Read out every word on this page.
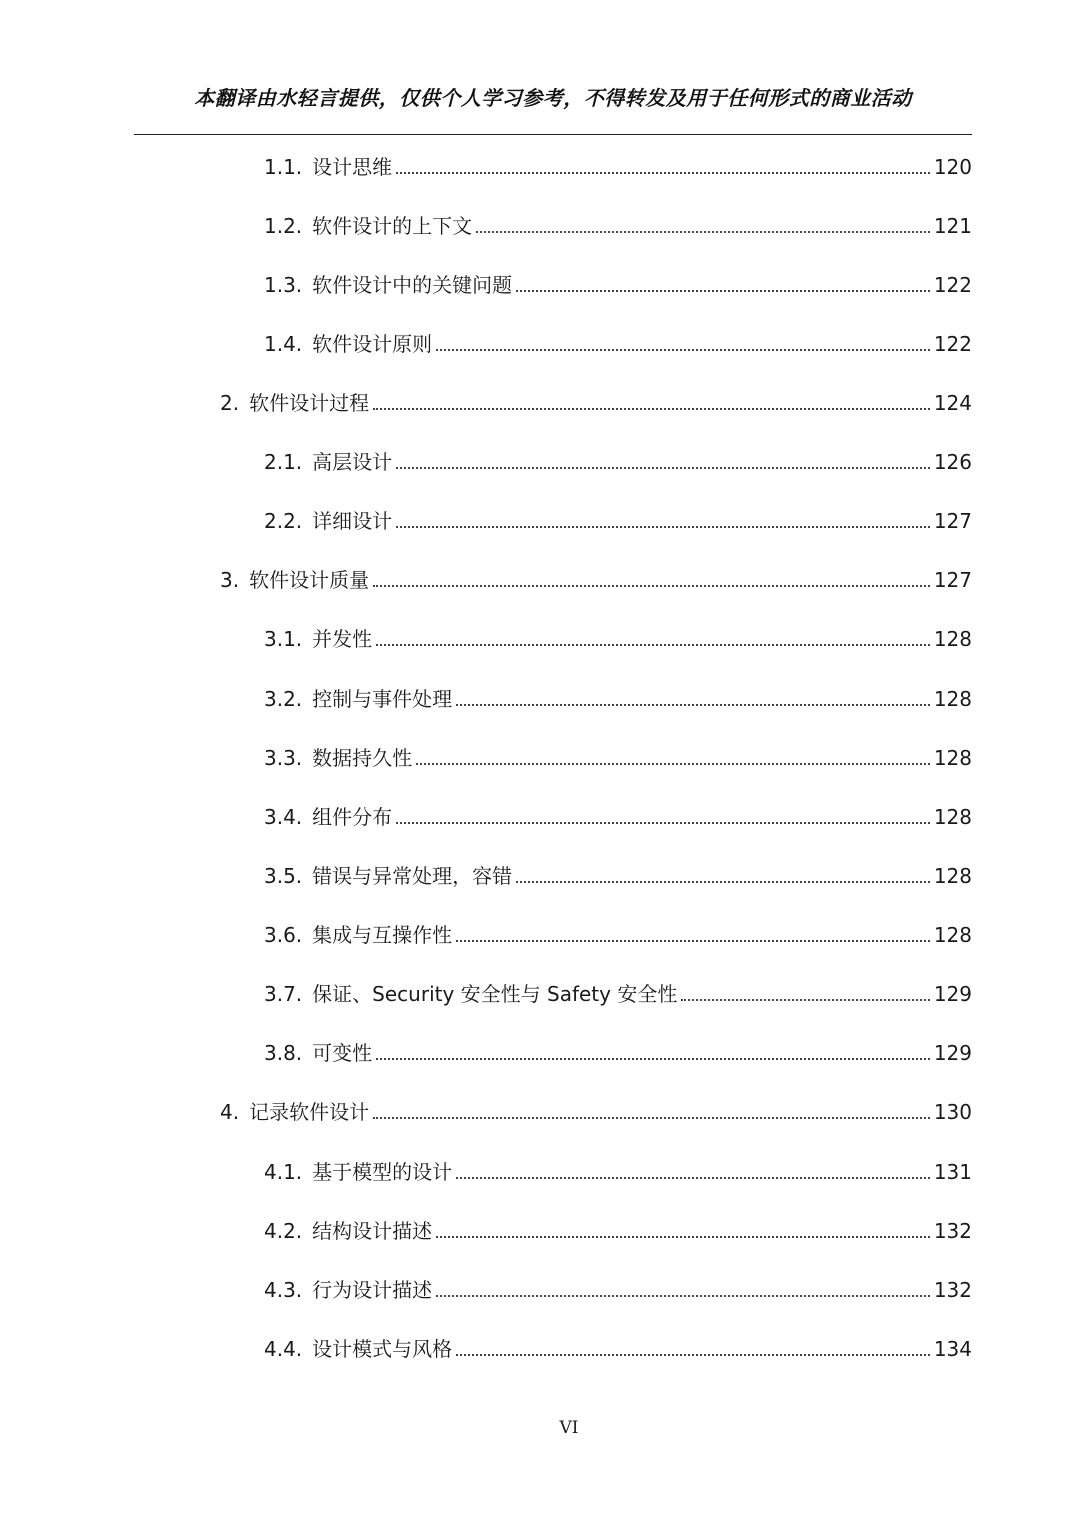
本翻译由水轻言提供，仅供个人学习参考，不得转发及用于任何形式的商业活动
1.1. 设计思维	120
1.2. 软件设计的上下文	121
1.3. 软件设计中的关键问题	122
1.4. 软件设计原则	122
2. 软件设计过程	124
2.1. 高层设计	126
2.2. 详细设计	127
3. 软件设计质量	127
3.1. 并发性	128
3.2. 控制与事件处理	128
3.3. 数据持久性	128
3.4. 组件分布	128
3.5. 错误与异常处理，容错	128
3.6. 集成与互操作性	128
3.7. 保证、Security 安全性与 Safety 安全性	129
3.8. 可变性	129
4. 记录软件设计	130
4.1. 基于模型的设计	131
4.2. 结构设计描述	132
4.3. 行为设计描述	132
4.4. 设计模式与风格	134
VI
